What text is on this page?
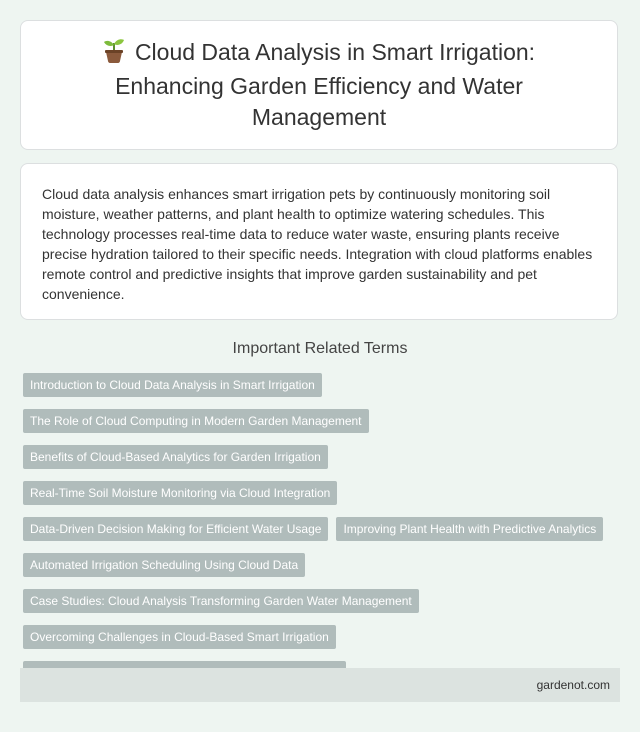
Cloud Data Analysis in Smart Irrigation: Enhancing Garden Efficiency and Water Management

Cloud data analysis enhances smart irrigation pets by continuously monitoring soil moisture, weather patterns, and plant health to optimize watering schedules. This technology processes real-time data to reduce water waste, ensuring plants receive precise hydration tailored to their specific needs. Integration with cloud platforms enables remote control and predictive insights that improve garden sustainability and pet convenience.

Important Related Terms
Introduction to Cloud Data Analysis in Smart Irrigation
The Role of Cloud Computing in Modern Garden Management
Benefits of Cloud-Based Analytics for Garden Irrigation
Real-Time Soil Moisture Monitoring via Cloud Integration
Data-Driven Decision Making for Efficient Water Usage	Improving Plant Health with Predictive Analytics
Automated Irrigation Scheduling Using Cloud Data
Case Studies: Cloud Analysis Transforming Garden Water Management
Overcoming Challenges in Cloud-Based Smart Irrigation
gardenot.com
